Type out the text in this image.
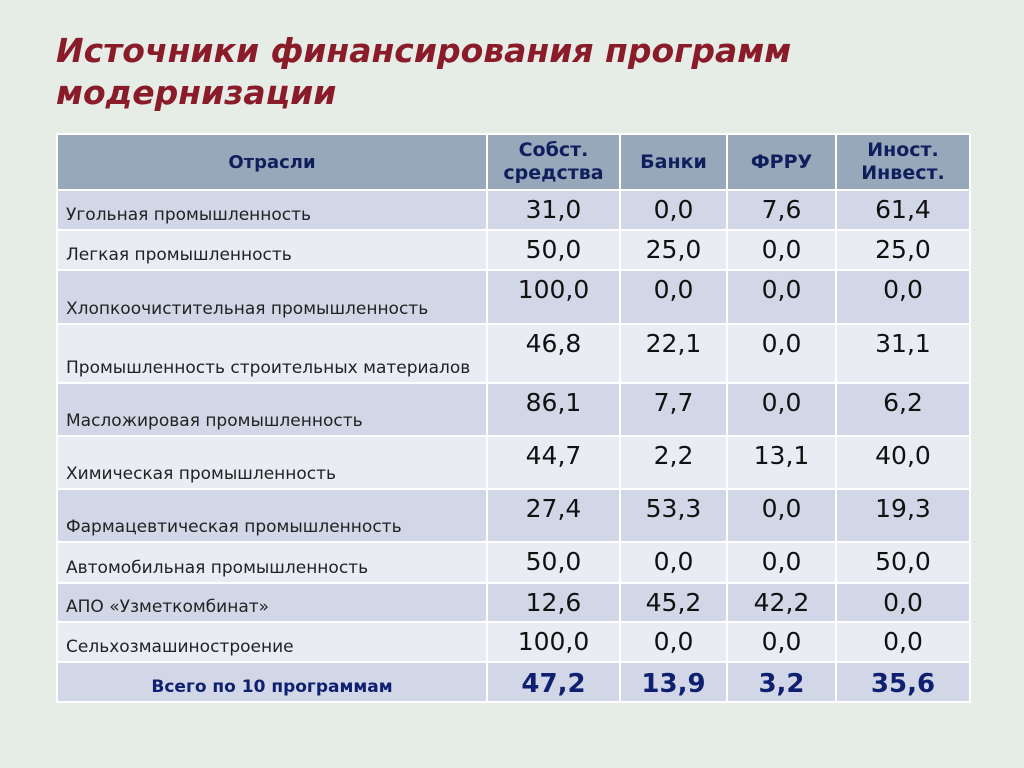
Источники финансирования программ
модернизации
Отрасли	Собст. средства	Банки	ФРРУ	Иност. Инвест.
Угольная промышленность	31,0	0,0	7,6	61,4
Легкая промышленность	50,0	25,0	0,0	25,0
Хлопкоочистительная промышленность	100,0	0,0	0,0	0,0
Промышленность строительных материалов	46,8	22,1	0,0	31,1
Масложировая промышленность	86,1	7,7	0,0	6,2
Химическая промышленность	44,7	2,2	13,1	40,0
Фармацевтическая промышленность	27,4	53,3	0,0	19,3
Автомобильная промышленность	50,0	0,0	0,0	50,0
АПО «Узметкомбинат»	12,6	45,2	42,2	0,0
Сельхозмашиностроение	100,0	0,0	0,0	0,0
Всего по 10 программам	47,2	13,9	3,2	35,6
